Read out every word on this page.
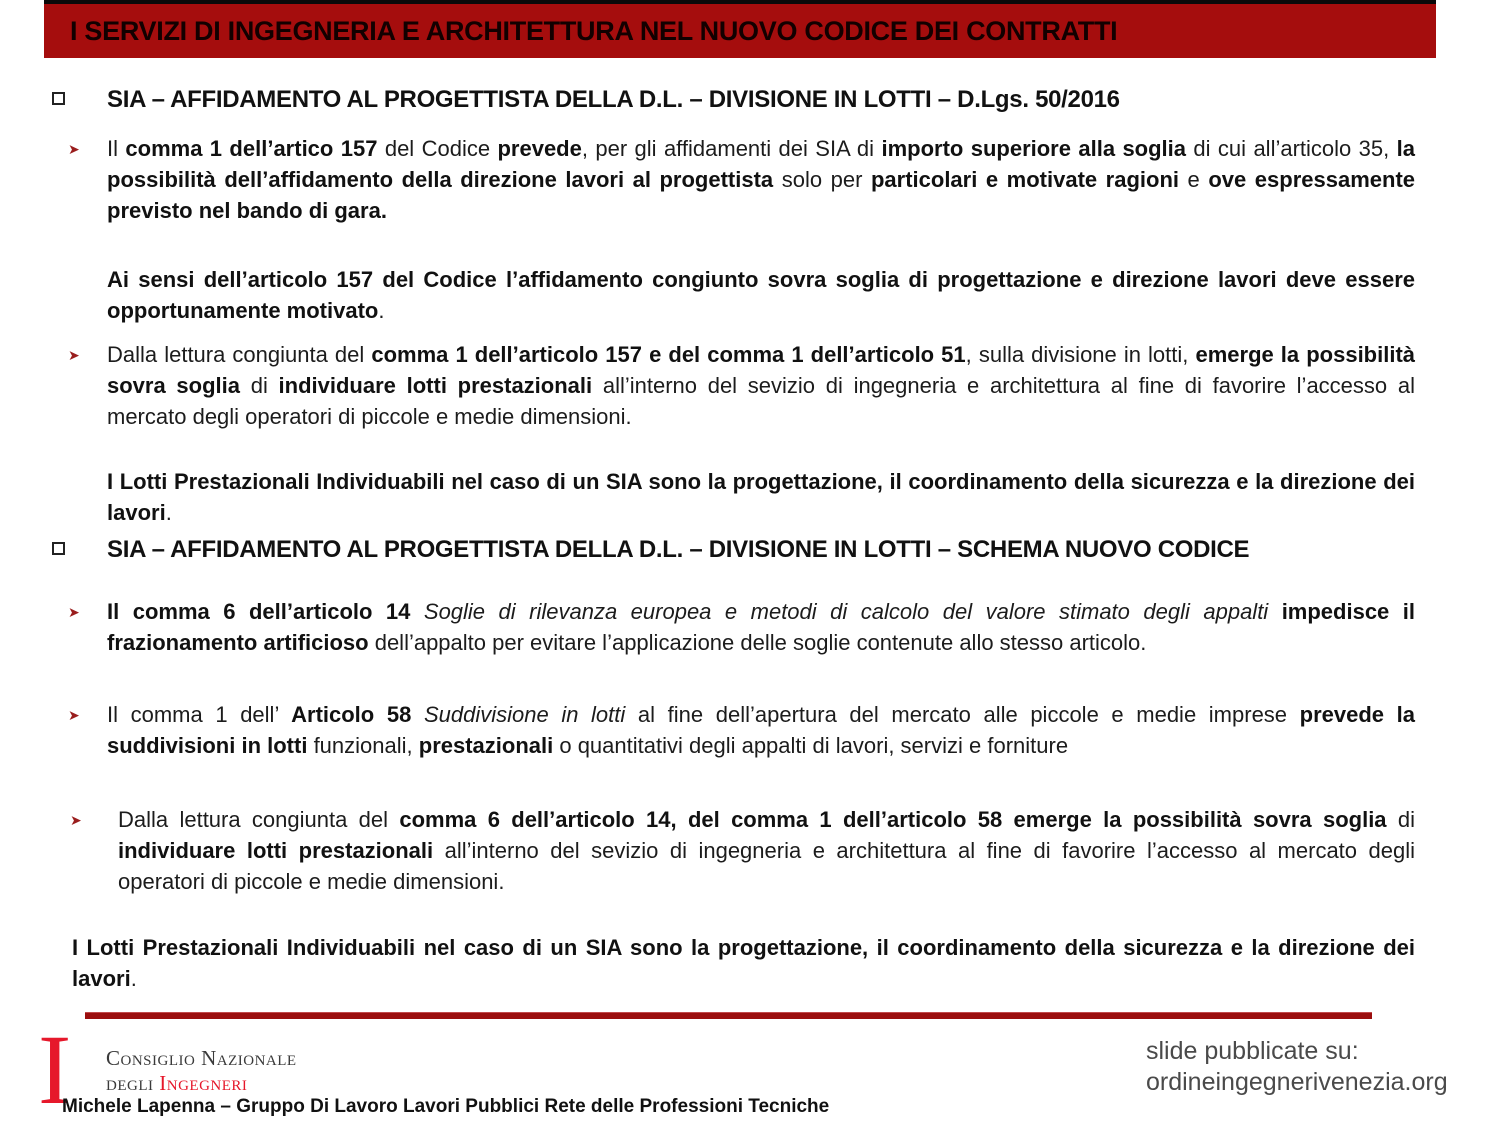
I SERVIZI DI INGEGNERIA E ARCHITETTURA NEL NUOVO CODICE DEI CONTRATTI
SIA – AFFIDAMENTO AL PROGETTISTA DELLA D.L. – DIVISIONE IN LOTTI – D.Lgs. 50/2016
➤ Il comma 1 dell’artico 157 del Codice prevede, per gli affidamenti dei SIA di importo superiore alla soglia di cui all’articolo 35, la possibilità dell’affidamento della direzione lavori al progettista solo per particolari e motivate ragioni e ove espressamente previsto nel bando di gara.
Ai sensi dell’articolo 157 del Codice l’affidamento congiunto sovra soglia di progettazione e direzione lavori deve essere opportunamente motivato.
➤ Dalla lettura congiunta del comma 1 dell’articolo 157 e del comma 1 dell’articolo 51, sulla divisione in lotti, emerge la possibilità sovra soglia di individuare lotti prestazionali all’interno del sevizio di ingegneria e architettura al fine di favorire l’accesso al mercato degli operatori di piccole e medie dimensioni.
I Lotti Prestazionali Individuabili nel caso di un SIA sono la progettazione, il coordinamento della sicurezza e la direzione dei lavori.
SIA – AFFIDAMENTO AL PROGETTISTA DELLA D.L. – DIVISIONE IN LOTTI – SCHEMA NUOVO CODICE
➤ Il comma 6 dell’articolo 14 Soglie di rilevanza europea e metodi di calcolo del valore stimato degli appalti impedisce il frazionamento artificioso dell’appalto per evitare l’applicazione delle soglie contenute allo stesso articolo.
➤ Il comma 1 dell’ Articolo 58 Suddivisione in lotti al fine dell’apertura del mercato alle piccole e medie imprese prevede la suddivisioni in lotti funzionali, prestazionali o quantitativi degli appalti di lavori, servizi e forniture
➤ Dalla lettura congiunta del comma 6 dell’articolo 14, del comma 1 dell’articolo 58 emerge la possibilità sovra soglia di individuare lotti prestazionali all’interno del sevizio di ingegneria e architettura al fine di favorire l’accesso al mercato degli operatori di piccole e medie dimensioni.
I Lotti Prestazionali Individuabili nel caso di un SIA sono la progettazione, il coordinamento della sicurezza e la direzione dei lavori.
I Consiglio Nazionale
degli Ingegneri
Michele Lapenna – Gruppo Di Lavoro Lavori Pubblici Rete delle Professioni Tecniche
slide pubblicate su:
ordineingegnerivenezia.org
